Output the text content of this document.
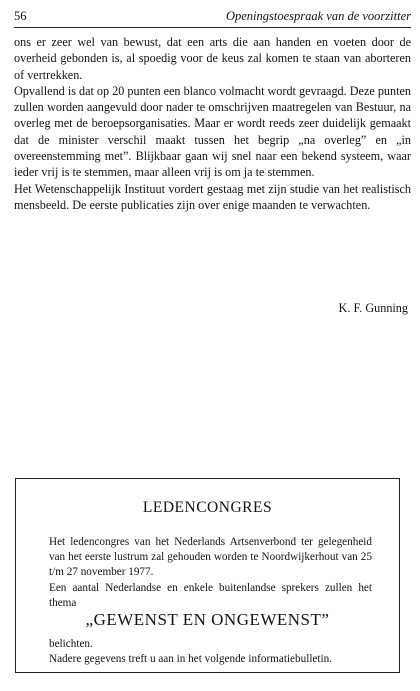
56	Openingstoespraak van de voorzitter

ons er zeer wel van bewust, dat een arts die aan handen en voeten door de overheid gebonden is, al spoedig voor de keus zal komen te staan van aborteren of vertrekken.

Opvallend is dat op 20 punten een blanco volmacht wordt gevraagd. Deze punten zullen worden aangevuld door nader te omschrijven maatregelen van Bestuur, na overleg met de beroepsorganisaties. Maar er wordt reeds zeer duidelijk gemaakt dat de minister verschil maakt tussen het begrip „na overleg” en „in overeenstemming met”. Blijkbaar gaan wij snel naar een bekend systeem, waar ieder vrij is te stemmen, maar alleen vrij is om ja te stemmen.

Het Wetenschappelijk Instituut vordert gestaag met zijn studie van het realistisch mensbeeld. De eerste publicaties zijn over enige maanden te verwachten.

K. F. Gunning
LEDENCONGRES

Het ledencongres van het Nederlands Artsenverbond ter gelegenheid van het eerste lustrum zal gehouden worden te Noordwijkerhout van 25 t/m 27 november 1977.

Een aantal Nederlandse en enkele buitenlandse sprekers zullen het thema

„GEWENST EN ONGEWENST”

belichten.

Nadere gegevens treft u aan in het volgende informatiebulletin.
